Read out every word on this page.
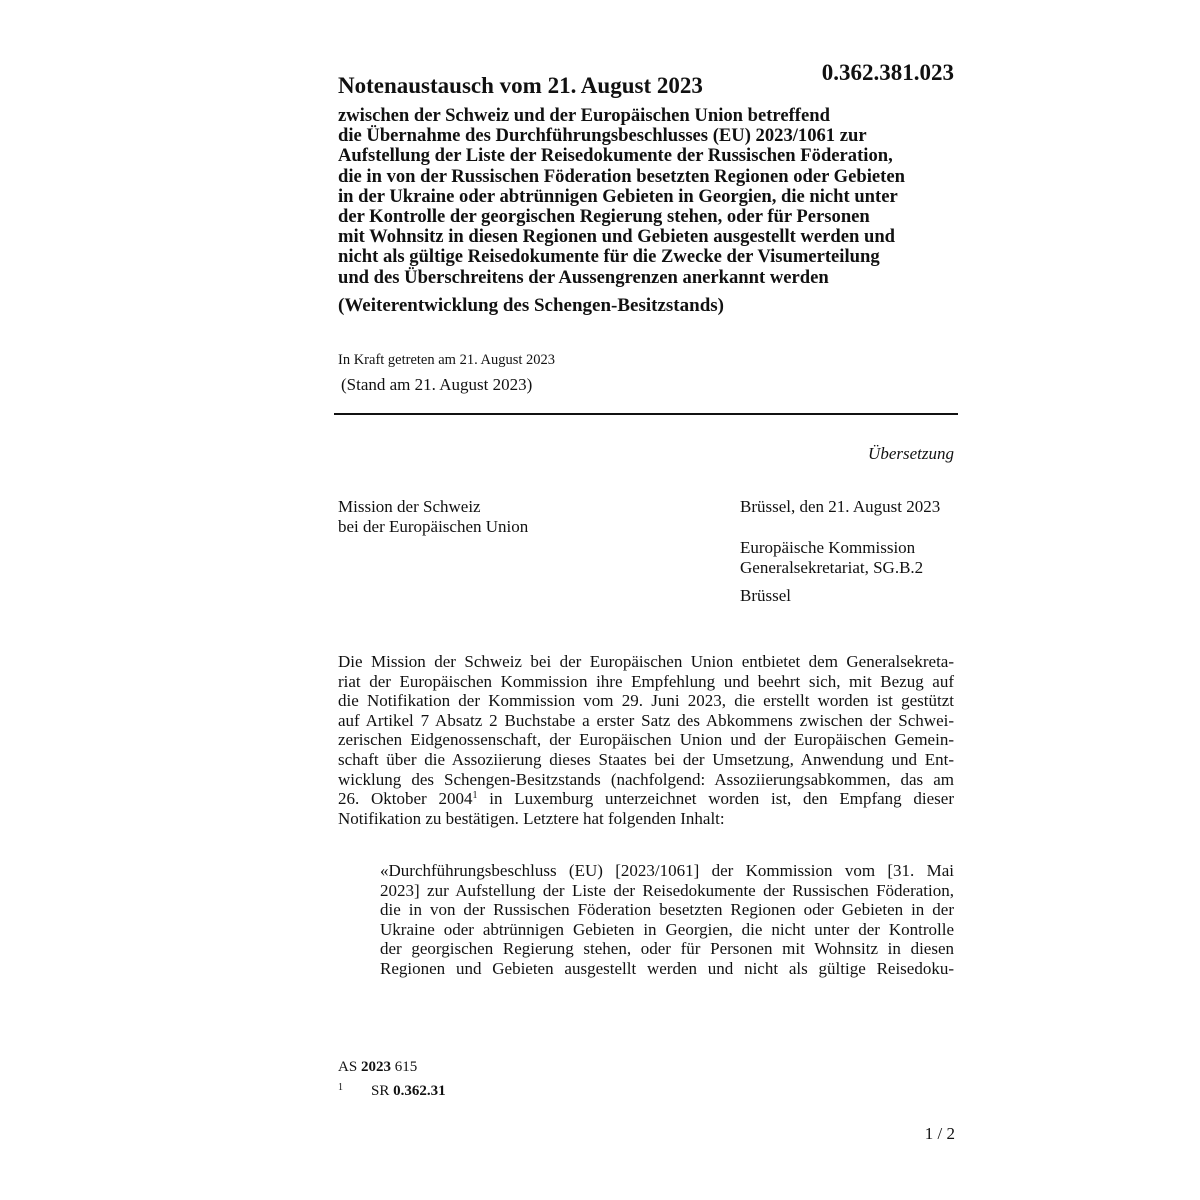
0.362.381.023
Notenaustausch vom 21. August 2023
zwischen der Schweiz und der Europäischen Union betreffend
die Übernahme des Durchführungsbeschlusses (EU) 2023/1061 zur
Aufstellung der Liste der Reisedokumente der Russischen Föderation,
die in von der Russischen Föderation besetzten Regionen oder Gebieten
in der Ukraine oder abtrünnigen Gebieten in Georgien, die nicht unter
der Kontrolle der georgischen Regierung stehen, oder für Personen
mit Wohnsitz in diesen Regionen und Gebieten ausgestellt werden und
nicht als gültige Reisedokumente für die Zwecke der Visumerteilung
und des Überschreitens der Aussengrenzen anerkannt werden
(Weiterentwicklung des Schengen-Besitzstands)
In Kraft getreten am 21. August 2023
(Stand am 21. August 2023)
Übersetzung
Mission der Schweiz
bei der Europäischen Union
Brüssel, den 21. August 2023
Europäische Kommission
Generalsekretariat, SG.B.2
Brüssel
Die Mission der Schweiz bei der Europäischen Union entbietet dem Generalsekreta-
riat der Europäischen Kommission ihre Empfehlung und beehrt sich, mit Bezug auf
die Notifikation der Kommission vom 29. Juni 2023, die erstellt worden ist gestützt
auf Artikel 7 Absatz 2 Buchstabe a erster Satz des Abkommens zwischen der Schwei-
zerischen Eidgenossenschaft, der Europäischen Union und der Europäischen Gemein-
schaft über die Assoziierung dieses Staates bei der Umsetzung, Anwendung und Ent-
wicklung des Schengen-Besitzstands (nachfolgend: Assoziierungsabkommen, das am
26. Oktober 2004$^1$ in Luxemburg unterzeichnet worden ist, den Empfang dieser
Notifikation zu bestätigen. Letztere hat folgenden Inhalt:
«Durchführungsbeschluss (EU) [2023/1061] der Kommission vom [31. Mai
2023] zur Aufstellung der Liste der Reisedokumente der Russischen Föderation,
die in von der Russischen Föderation besetzten Regionen oder Gebieten in der
Ukraine oder abtrünnigen Gebieten in Georgien, die nicht unter der Kontrolle
der georgischen Regierung stehen, oder für Personen mit Wohnsitz in diesen
Regionen und Gebieten ausgestellt werden und nicht als gültige Reisedoku-
AS 2023 615
1 SR 0.362.31
1 / 2
